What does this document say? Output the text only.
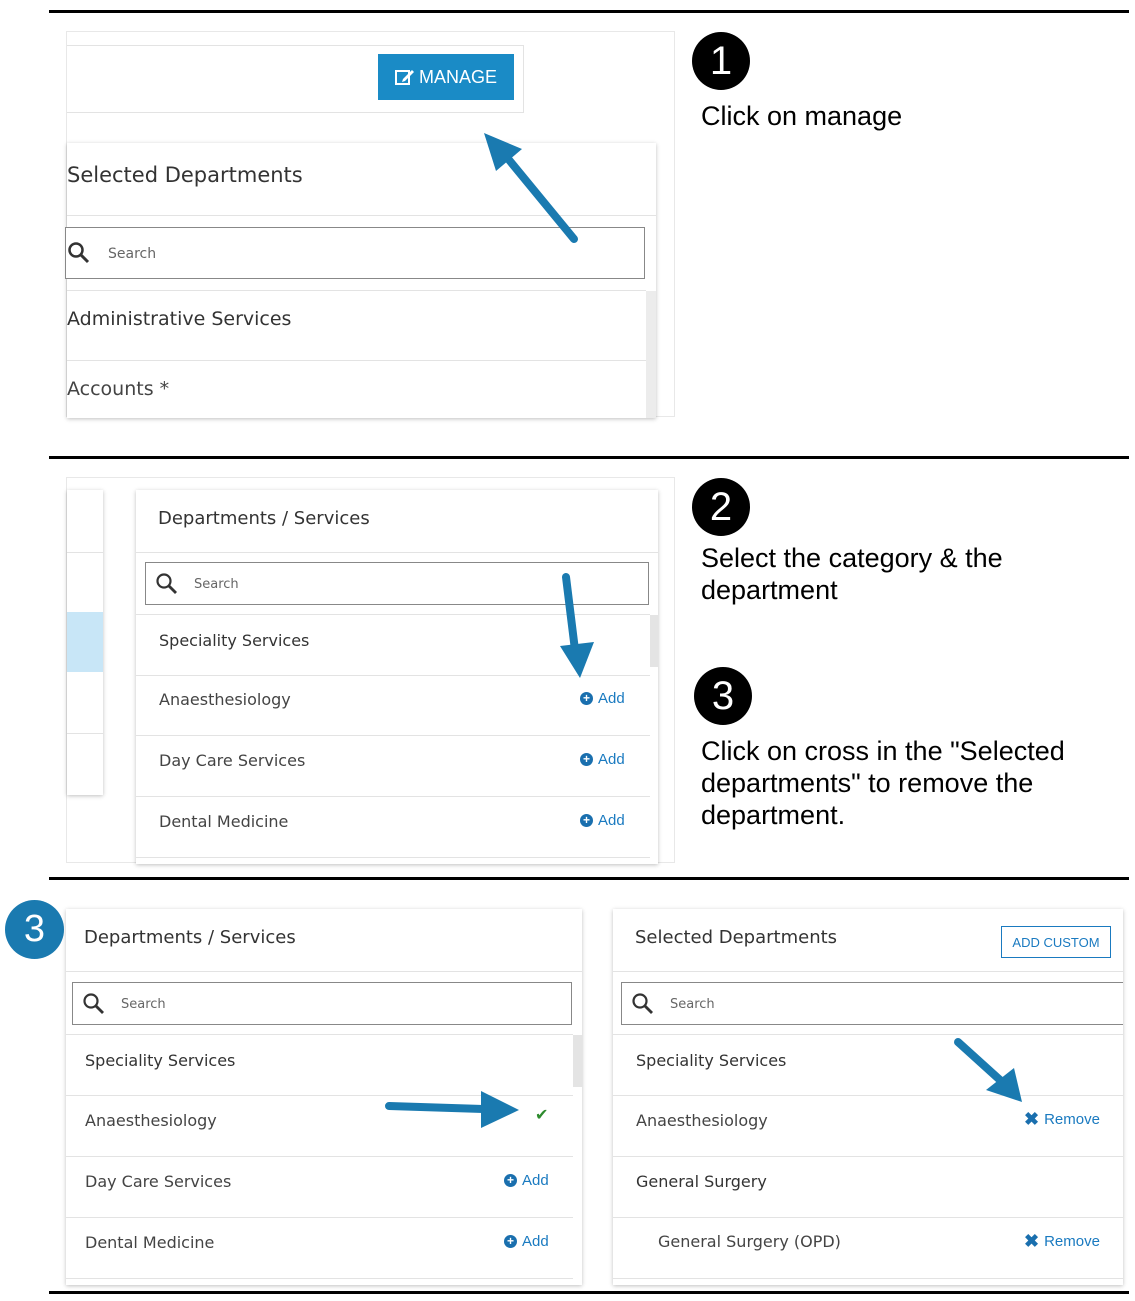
MANAGE
Selected Departments
Search
Administrative Services
Accounts *
1
Click on manage
Departments / Services
Search
Speciality Services
Anaesthesiology	+ Add
Day Care Services	+ Add
Dental Medicine	+ Add
2
Select the category & the department
3
Click on cross in the "Selected departments" to remove the department.
3	Departments / Services
Search
Speciality Services
Anaesthesiology	✔
Day Care Services	+ Add
Dental Medicine	+ Add
Selected Departments	ADD CUSTOM
Search
Speciality Services
Anaesthesiology	✖ Remove
General Surgery
General Surgery (OPD)	✖ Remove
